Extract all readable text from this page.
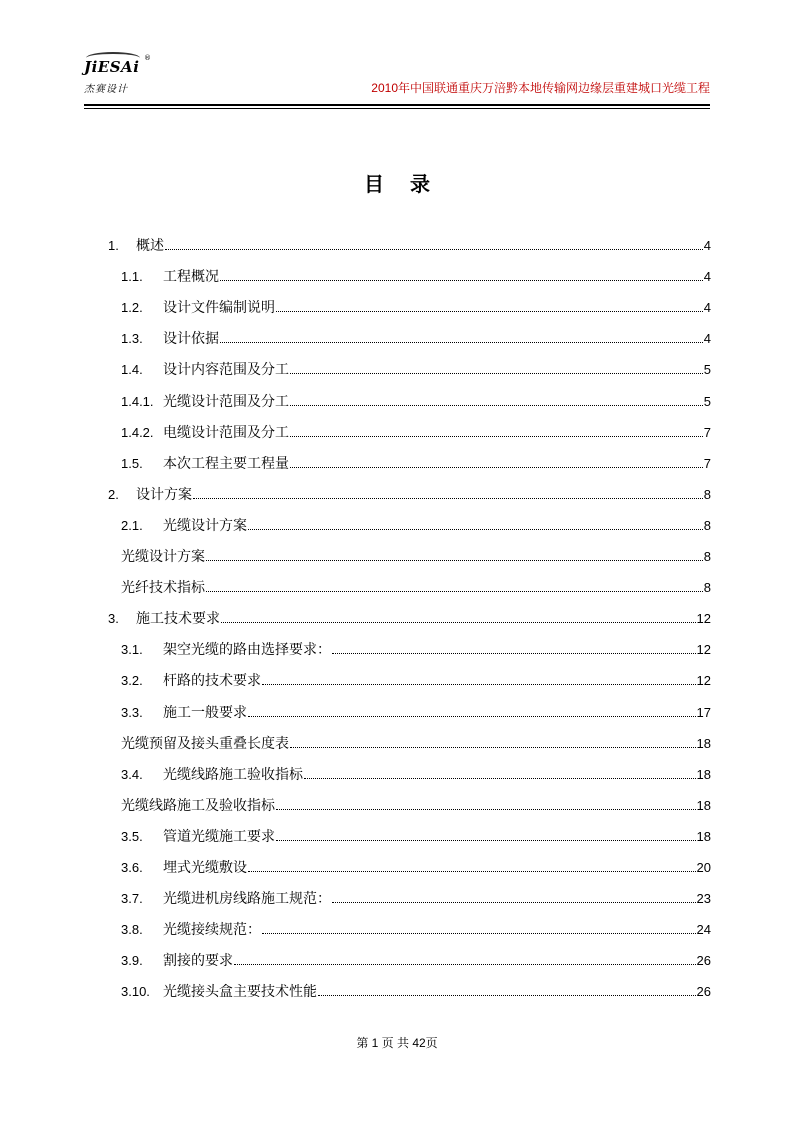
JiESAi ®
杰赛设计	2010年中国联通重庆万涪黔本地传输网边缘层重建城口光缆工程
目 录
1.	概述	4
1.1.	工程概况	4
1.2.	设计文件编制说明	4
1.3.	设计依据	4
1.4.	设计内容范围及分工	5
1.4.1. 光缆设计范围及分工	5
1.4.2. 电缆设计范围及分工	7
1.5.	本次工程主要工程量	7
2.	设计方案	8
2.1.	光缆设计方案	8
光缆设计方案	8
光纤技术指标	8
3.	施工技术要求	12
3.1.	架空光缆的路由选择要求：	12
3.2.	杆路的技术要求	12
3.3.	施工一般要求	17
光缆预留及接头重叠长度表	18
3.4.	光缆线路施工验收指标	18
光缆线路施工及验收指标	18
3.5.	管道光缆施工要求	18
3.6.	埋式光缆敷设	20
3.7.	光缆进机房线路施工规范：	23
3.8.	光缆接续规范：	24
3.9.	割接的要求	26
3.10. 光缆接头盒主要技术性能	26
第 1 页 共 42页
